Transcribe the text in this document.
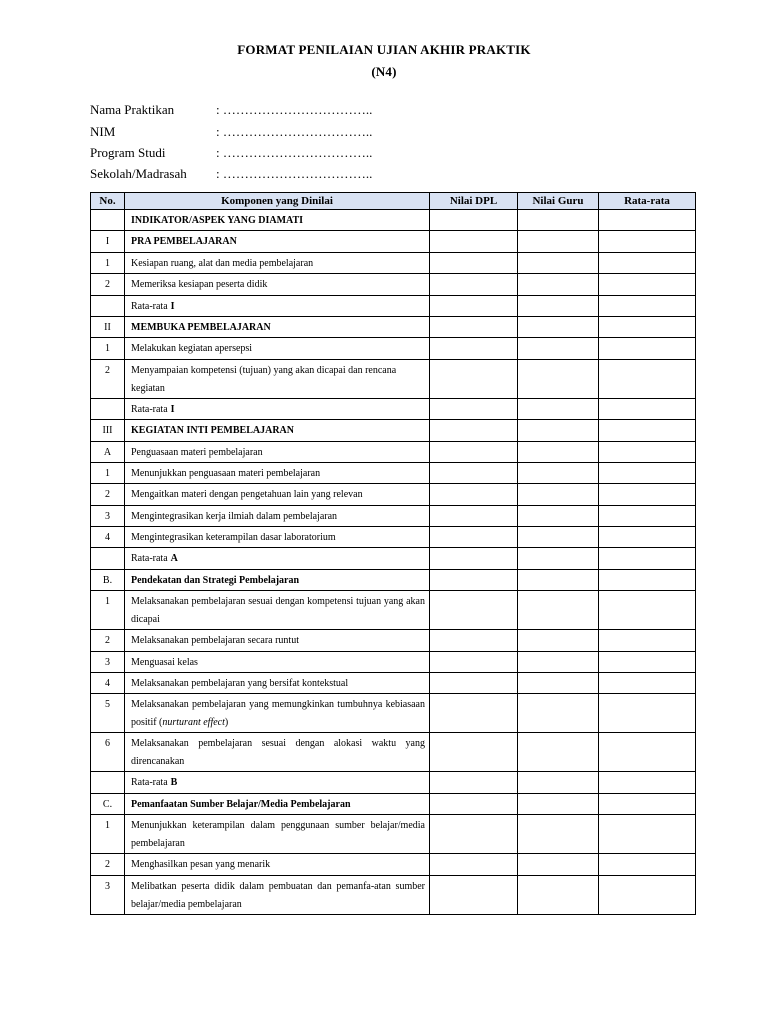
FORMAT PENILAIAN UJIAN AKHIR PRAKTIK
(N4)
Nama Praktikan	: ……………………………..
NIM	: ……………………………..
Program Studi	: ……………………………..
Sekolah/Madrasah : ……………………………..
No.	Komponen yang Dinilai	Nilai DPL	Nilai Guru	Rata-rata
	INDIKATOR/ASPEK YANG DIAMATI			
I	PRA PEMBELAJARAN			
1	Kesiapan ruang, alat dan media pembelajaran			
2	Memeriksa kesiapan peserta didik			
	Rata-rata I			
II	MEMBUKA PEMBELAJARAN			
1	Melakukan kegiatan apersepsi			
2	Menyampaian kompetensi (tujuan) yang akan dicapai dan rencana kegiatan			
	Rata-rata I			
III	KEGIATAN INTI PEMBELAJARAN			
A	Penguasaan materi pembelajaran			
1	Menunjukkan penguasaan materi pembelajaran			
2	Mengaitkan materi dengan pengetahuan lain yang relevan			
3	Mengintegrasikan kerja ilmiah dalam pembelajaran			
4	Mengintegrasikan keterampilan dasar laboratorium			
	Rata-rata A			
B.	Pendekatan dan Strategi Pembelajaran			
1	Melaksanakan pembelajaran sesuai dengan kompetensi tujuan yang akan dicapai			
2	Melaksanakan pembelajaran secara runtut			
3	Menguasai kelas			
4	Melaksanakan pembelajaran yang bersifat kontekstual			
5	Melaksanakan pembelajaran yang memungkinkan tumbuhnya kebiasaan positif (nurturant effect)			
6	Melaksanakan pembelajaran sesuai dengan alokasi waktu yang direncanakan			
	Rata-rata B			
C.	Pemanfaatan Sumber Belajar/Media Pembelajaran			
1	Menunjukkan keterampilan dalam penggunaan sumber belajar/media pembelajaran			
2	Menghasilkan pesan yang menarik			
3	Melibatkan peserta didik dalam pembuatan dan pemanfa-atan sumber belajar/media pembelajaran			
